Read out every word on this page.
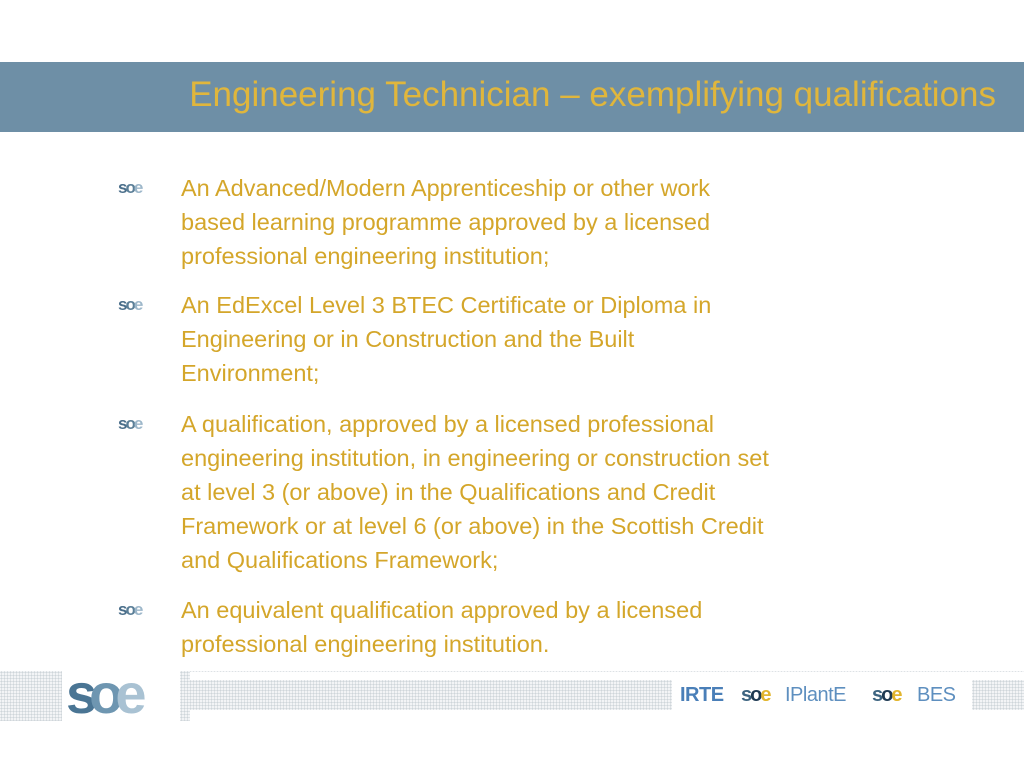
Engineering Technician – exemplifying qualifications
soe	An Advanced/Modern Apprenticeship or other work
based learning programme approved by a licensed
professional engineering institution;
soe	An EdExcel Level 3 BTEC Certificate or Diploma in
Engineering or in Construction and the Built
Environment;
soe	A qualification, approved by a licensed professional
engineering institution, in engineering or construction set
at level 3 (or above) in the Qualifications and Credit
Framework or at level 6 (or above) in the Scottish Credit
and Qualifications Framework;
soe	An equivalent qualification approved by a licensed
professional engineering institution.
soe	IRTE soe IPlantE soe BES
